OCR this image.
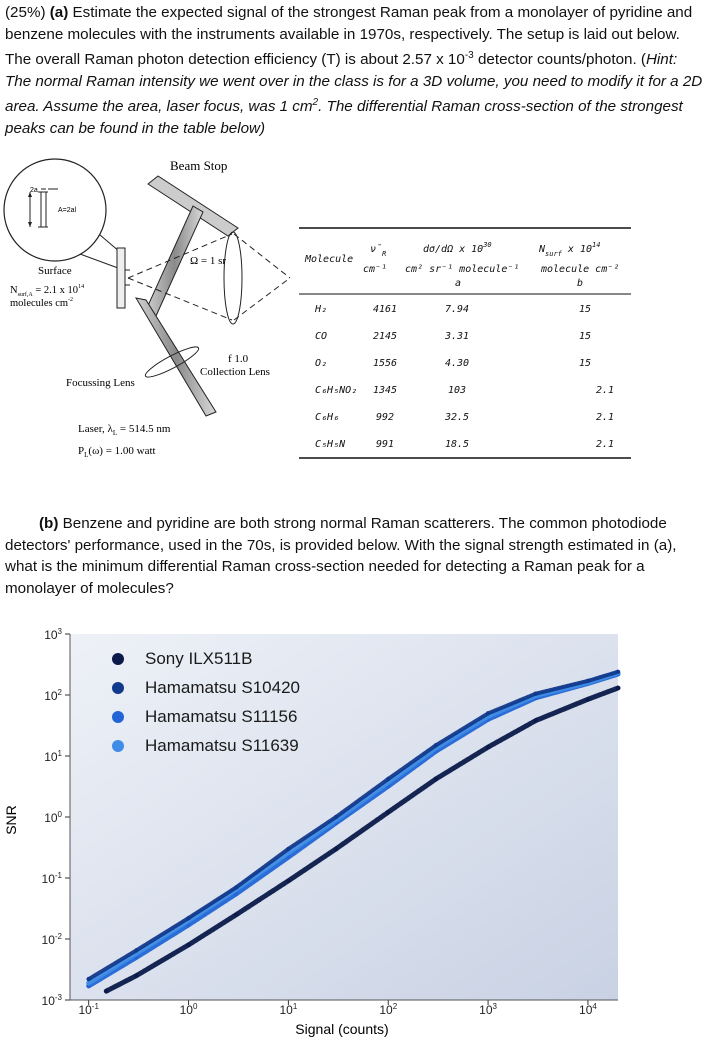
(25%) (a) Estimate the expected signal of the strongest Raman peak from a monolayer of pyridine and benzene molecules with the instruments available in 1970s, respectively. The setup is laid out below. The overall Raman photon detection efficiency (T) is about 2.57 x $10^{-3}$ detector counts/photon. (Hint: The normal Raman intensity we went over in the class is for a 3D volume, you need to modify it for a 2D area. Assume the area, laser focus, was 1 $cm^2$. The differential Raman cross-section of the strongest peaks can be found in the table below)
Beam Stop
2a
A=2al
Ω = 1 sr
Surface
$N_{surf,A} = 2.1$ x $10^{14}$
molecules $cm^{-2}$
f 1.0
Collection Lens
Focussing Lens
Laser, $\lambda_L = 514.5$ nm
$P_L(\omega) = 1.00$ watt
Molecule
$\nū_R$
cm⁻¹
dσ/dΩ x $10^{30}$
cm² sr⁻¹ molecule⁻¹
a
$N_{surf}$ x $10^{14}$
molecule cm⁻²
b
H₂	4161	7.94	15
CO	2145	3.31	15
O₂	1556	4.30	15
C₆H₅NO₂ 1345	103	2.1
C₆H₆	992	32.5	2.1
C₅H₅N	991	18.5	2.1
(b) Benzene and pyridine are both strong normal Raman scatterers. The common photodiode detectors' performance, used in the 70s, is provided below. With the signal strength estimated in (a), what is the minimum differential Raman cross-section needed for detecting a Raman peak for a monolayer of molecules?
$10^{-3}$
$10^{-2}$
$10^{-1}$
$10^0$
$10^1$
$10^2$
$10^3$
$10^{-1}$	$10^0$	$10^1$	$10^2$	$10^3$	$10^4$
Sony ILX511B
Hamamatsu S10420
Hamamatsu S11156
Hamamatsu S11639
Signal (counts)
SNR
